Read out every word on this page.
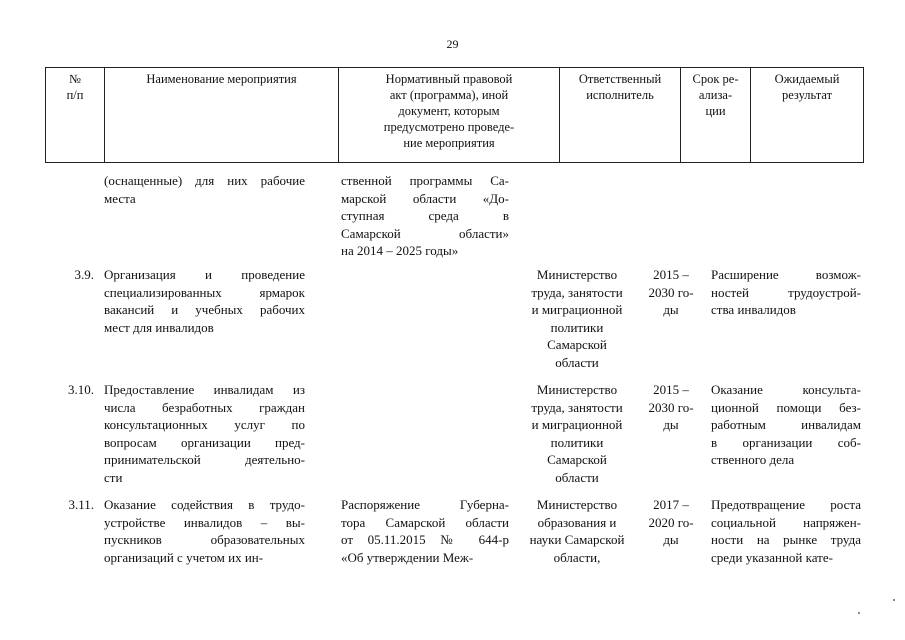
29
№
п/п
Наименование мероприятия	Нормативный правовой
акт (программа), иной
документ, которым
предусмотрено проведе-
ние мероприятия
Ответственный
исполнитель
Срок ре-
ализа-
ции
Ожидаемый результат
(оснащенные) для них рабочие
места
ственной программы Са-
марской области «До-
ступная среда в
Самарской области»
на 2014 – 2025 годы»
3.9. Организация и проведение
специализированных ярмарок
вакансий и учебных рабочих
мест для инвалидов
Министерство
труда, занятости
и миграционной
политики
Самарской
области
2015 –
2030 го-
ды
Расширение возмож-
ностей трудоустрой-
ства инвалидов
3.10. Предоставление инвалидам из
числа безработных граждан
консультационных услуг по
вопросам организации пред-
принимательской деятельно-
сти
Министерство
труда, занятости
и миграционной
политики
Самарской
области
2015 –
2030 го-
ды
Оказание консульта-
ционной помощи без-
работным инвалидам
в организации соб-
ственного дела
3.11. Оказание содействия в трудо-
устройстве инвалидов – вы-
пускников образовательных
организаций с учетом их ин-
Распоряжение Губерна-
тора Самарской области
от 05.11.2015 № 644-р
«Об утверждении Меж-
Министерство
образования и
науки Самарской
области,
2017 –
2020 го-
ды
Предотвращение роста
социальной напряжен-
ности на рынке труда
среди указанной кате-
